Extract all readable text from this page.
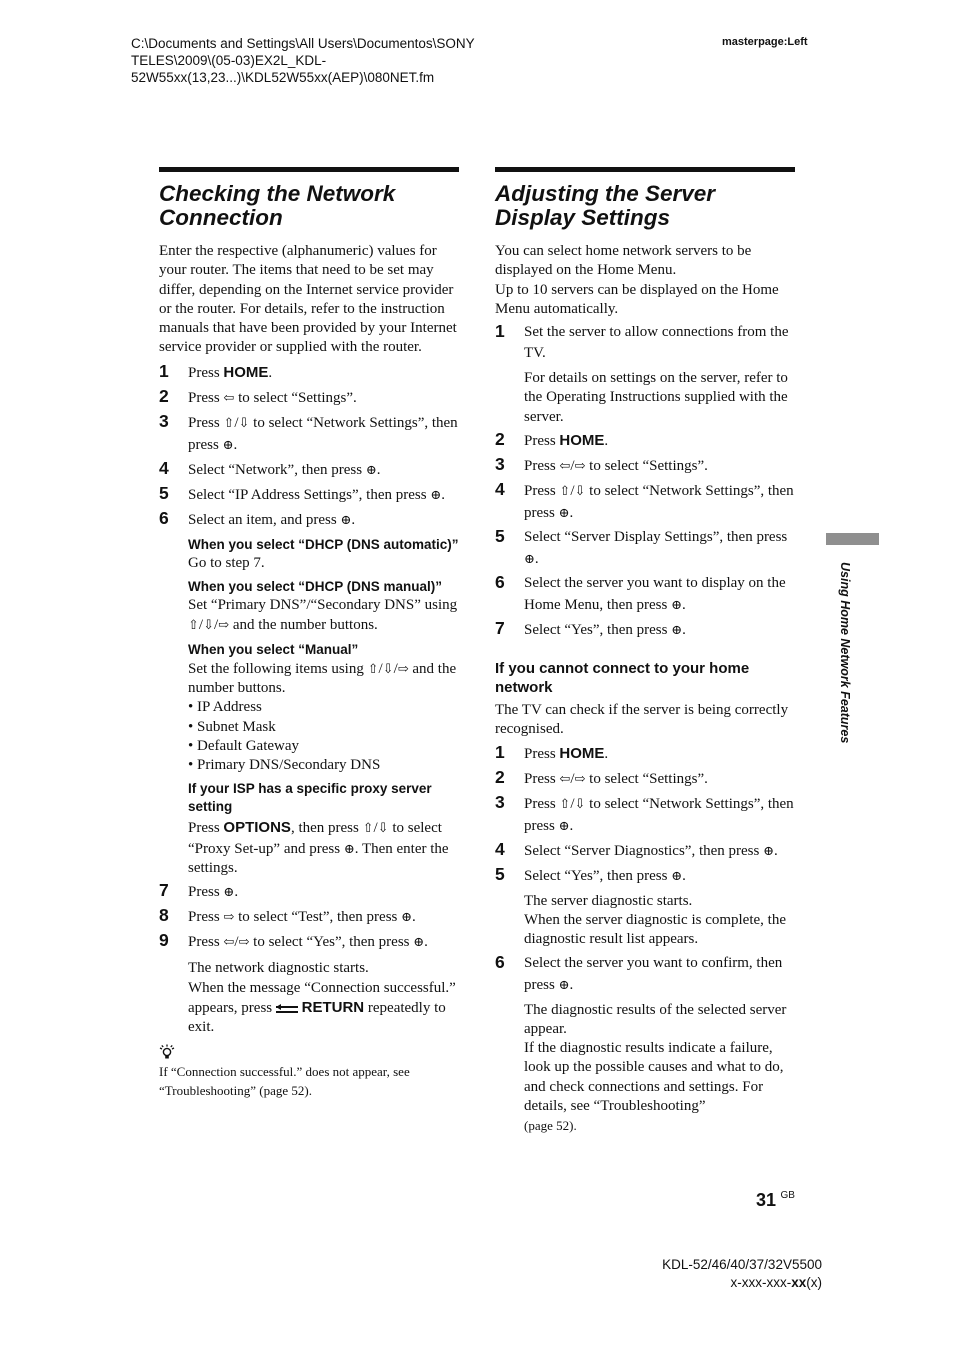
C:\Documents and Settings\All Users\Documentos\SONY
TELES\2009\(05-03)EX2L_KDL-
52W55xx(13,23...)\KDL52W55xx(AEP)\080NET.fm
masterpage:Left
Checking the Network
Connection

Enter the respective (alphanumeric) values for your router. The items that need to be set may differ, depending on the Internet service provider or the router. For details, refer to the instruction manuals that have been provided by your Internet service provider or supplied with the router.

1 Press HOME.
2 Press ⇦ to select “Settings”.
3 Press ⇧/⇩ to select “Network Settings”, then press ⊕.
4 Select “Network”, then press ⊕.
5 Select “IP Address Settings”, then press ⊕.
6 Select an item, and press ⊕.
When you select “DHCP (DNS automatic)”
Go to step 7.
When you select “DHCP (DNS manual)”
Set “Primary DNS”/“Secondary DNS” using ⇧/⇩/⇨ and the number buttons.
When you select “Manual”
Set the following items using ⇧/⇩/⇨ and the number buttons.
• IP Address
• Subnet Mask
• Default Gateway
• Primary DNS/Secondary DNS
If your ISP has a specific proxy server setting
Press OPTIONS, then press ⇧/⇩ to select “Proxy Set-up” and press ⊕. Then enter the settings.
7 Press ⊕.
8 Press ⇨ to select “Test”, then press ⊕.
9 Press ⇦/⇨ to select “Yes”, then press ⊕.
The network diagnostic starts.
When the message “Connection successful.” appears, press  RETURN repeatedly to exit.

If “Connection successful.” does not appear, see “Troubleshooting” (page 52).

Adjusting the Server
Display Settings

You can select home network servers to be displayed on the Home Menu.

Up to 10 servers can be displayed on the Home Menu automatically.

1 Set the server to allow connections from the TV.
For details on settings on the server, refer to the Operating Instructions supplied with the server.
2 Press HOME.
3 Press ⇦/⇨ to select “Settings”.
4 Press ⇧/⇩ to select “Network Settings”, then press ⊕.
5 Select “Server Display Settings”, then press ⊕.
6 Select the server you want to display on the Home Menu, then press ⊕.
7 Select “Yes”, then press ⊕.
If you cannot connect to your home network

The TV can check if the server is being correctly recognised.

1 Press HOME.
2 Press ⇦/⇨ to select “Settings”.
3 Press ⇧/⇩ to select “Network Settings”, then press ⊕.
4 Select “Server Diagnostics”, then press ⊕.
5 Select “Yes”, then press ⊕.
The server diagnostic starts.
When the server diagnostic is complete, the diagnostic result list appears.
6 Select the server you want to confirm, then press ⊕.
The diagnostic results of the selected server appear.
If the diagnostic results indicate a failure, look up the possible causes and what to do, and check connections and settings. For details, see “Troubleshooting”
(page 52).
Using Home Network Features
31 $^{GB}$
KDL-52/46/40/37/32V5500
x-xxx-xxx-xx(x)
